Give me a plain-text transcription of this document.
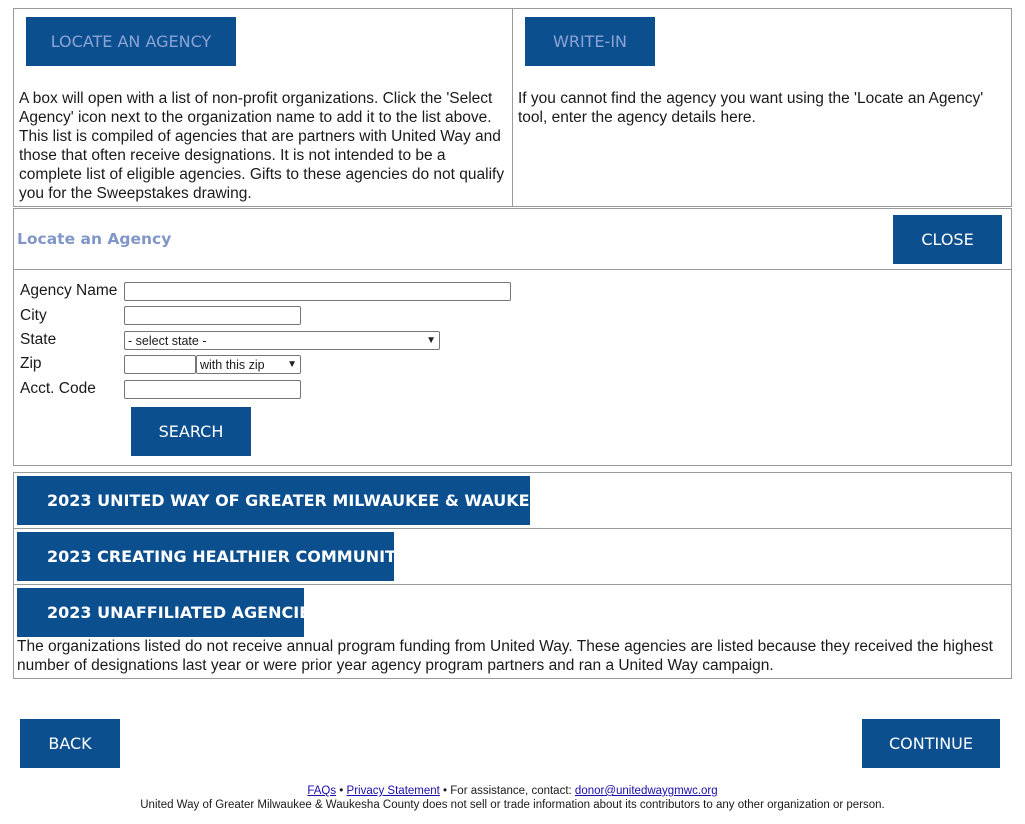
LOCATE AN AGENCY	WRITE-IN
A box will open with a list of non-profit organizations. Click the 'Select Agency' icon next to the organization name to add it to the list above. This list is compiled of agencies that are partners with United Way and those that often receive designations. It is not intended to be a complete list of eligible agencies. Gifts to these agencies do not qualify you for the Sweepstakes drawing.
If you cannot find the agency you want using the 'Locate an Agency' tool, enter the agency details here.
Locate an Agency	CLOSE
Agency Name
City
State	- select state -	▼
Zip	with this zip ▼
Acct. Code
SEARCH
2023 UNITED WAY OF GREATER MILWAUKEE & WAUKESHA CO
2023 CREATING HEALTHIER COMMUNITIES
2023 UNAFFILIATED AGENCIES
The organizations listed do not receive annual program funding from United Way. These agencies are listed because they received the highest number of designations last year or were prior year agency program partners and ran a United Way campaign.
BACK	CONTINUE
FAQs • Privacy Statement • For assistance, contact: donor@unitedwaygmwc.org
United Way of Greater Milwaukee & Waukesha County does not sell or trade information about its contributors to any other organization or person.
